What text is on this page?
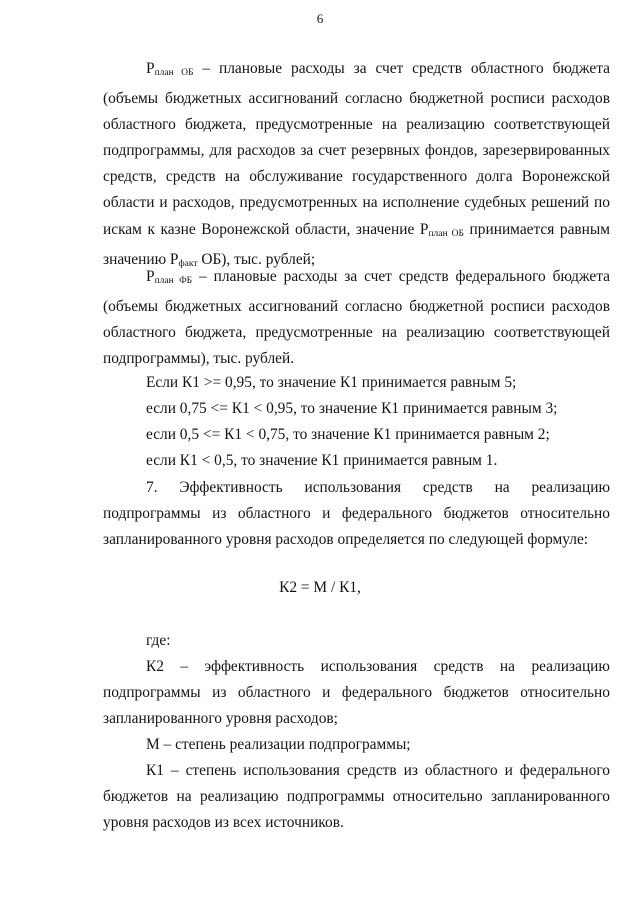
6

$P_{план ОБ}$ – плановые расходы за счет средств областного бюджета (объемы бюджетных ассигнований согласно бюджетной росписи расходов областного бюджета, предусмотренные на реализацию соответствующей подпрограммы, для расходов за счет резервных фондов, зарезервированных средств, средств на обслуживание государственного долга Воронежской области и расходов, предусмотренных на исполнение судебных решений по искам к казне Воронежской области, значение $P_{план ОБ}$ принимается равным значению $P_{факт}$ ОБ), тыс. рублей;

$P_{план ФБ}$ – плановые расходы за счет средств федерального бюджета (объемы бюджетных ассигнований согласно бюджетной росписи расходов областного бюджета, предусмотренные на реализацию соответствующей подпрограммы), тыс. рублей.

Если К1 >= 0,95, то значение К1 принимается равным 5;

если 0,75 <= К1 < 0,95, то значение К1 принимается равным 3;

если 0,5 <= К1 < 0,75, то значение К1 принимается равным 2;

если К1 < 0,5, то значение К1 принимается равным 1.

7. Эффективность использования средств на реализацию

подпрограммы из областного и федерального бюджетов относительно запланированного уровня расходов определяется по следующей формуле:

К2 = М / К1,

где:

К2 – эффективность использования средств на реализацию

подпрограммы из областного и федерального бюджетов относительно запланированного уровня расходов;

М – степень реализации подпрограммы;

К1 – степень использования средств из областного и федерального бюджетов на реализацию подпрограммы относительно запланированного уровня расходов из всех источников.
